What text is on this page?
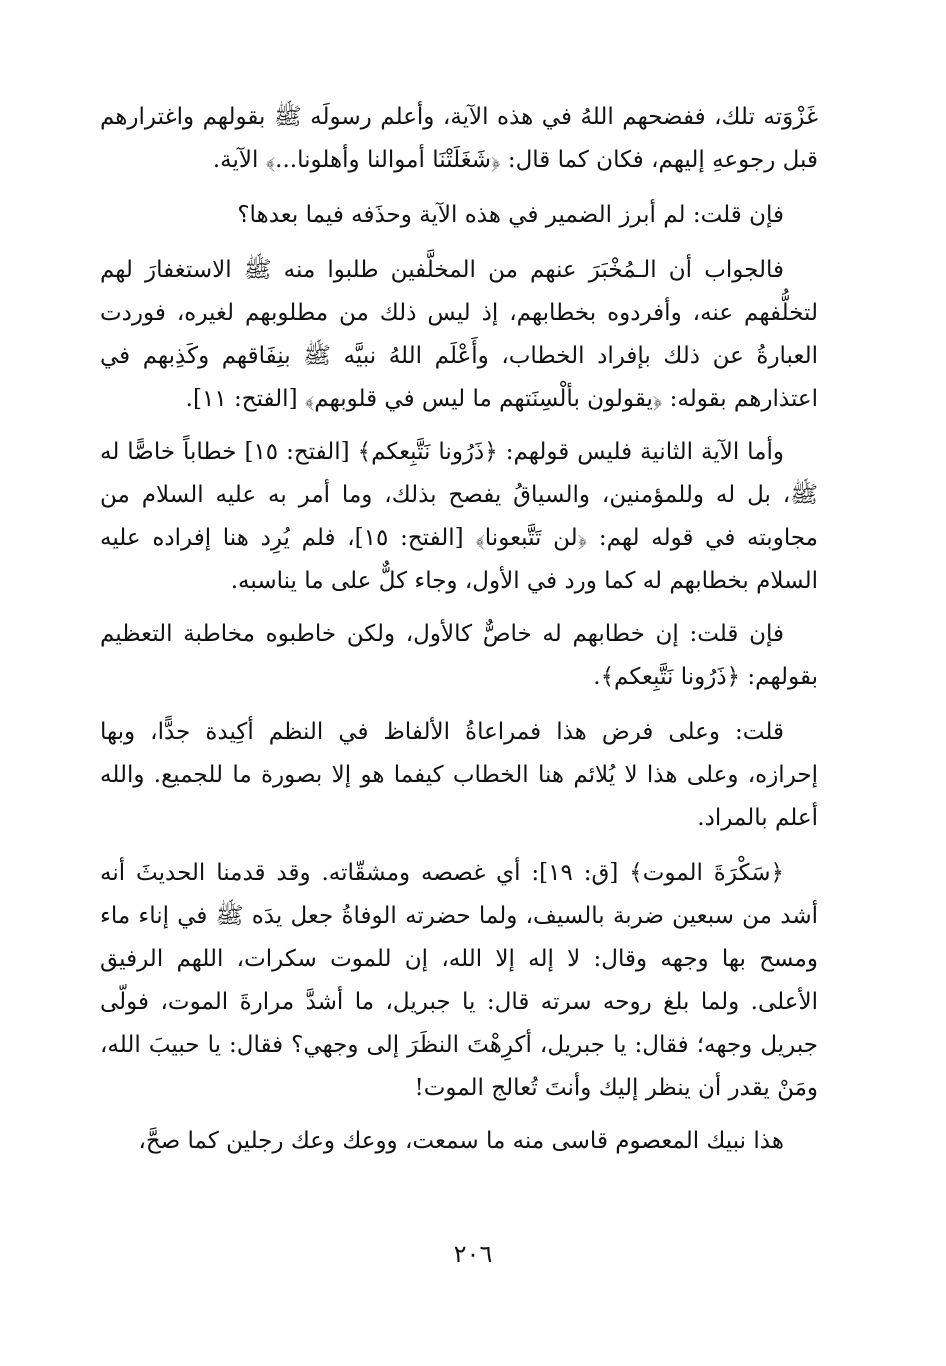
غَزْوَته تلك، ففضحهم اللهُ في هذه الآية، وأعلم رسولَه ﷺ بقولهم واغترارهم قبل رجوعهِ إليهم، فكان كما قال: ﴿شَغَلَتْنَا أموالنا وأهلونا...﴾ الآية.

فإن قلت: لم أبرز الضمير في هذه الآية وحذَفه فيما بعدها؟

فالجواب أن الـمُخْبَرَ عنهم من المخلَّفين طلبوا منه ﷺ الاستغفارَ لهم لتخلُّفهم عنه، وأفردوه بخطابهم، إذ ليس ذلك من مطلوبهم لغيره، فوردت العبارةُ عن ذلك بإفراد الخطاب، وأَعْلَم اللهُ نبيَّه ﷺ بنِفَاقهم وكَذِبهم في اعتذارهم بقوله: ﴿يقولون بألْسِنَتهم ما ليس في قلوبهم﴾ [الفتح: ١١].

وأما الآية الثانية فليس قولهم: ﴿ذَرُونا نَتَّبِعكم﴾ [الفتح: ١٥] خطاباً خاصًّا له ﷺ، بل له وللمؤمنين، والسياقُ يفصح بذلك، وما أمر به عليه السلام من مجاوبته في قوله لهم: ﴿لن تَتَّبعونا﴾ [الفتح: ١٥]، فلم يُرِد هنا إفراده عليه السلام بخطابهم له كما ورد في الأول، وجاء كلٌّ على ما يناسبه.

فإن قلت: إن خطابهم له خاصٌّ كالأول، ولكن خاطبوه مخاطبة التعظيم بقولهم: ﴿ذَرُونا نَتَّبِعكم﴾.

قلت: وعلى فرض هذا فمراعاةُ الألفاظ في النظم أكِيدة جدًّا، وبها إحرازه، وعلى هذا لا يُلائم هنا الخطاب كيفما هو إلا بصورة ما للجميع. والله أعلم بالمراد.

﴿سَكْرَةَ الموت﴾ [ق: ١٩]: أي غصصه ومشقّاته. وقد قدمنا الحديثَ أنه أشد من سبعين ضربة بالسيف، ولما حضرته الوفاةُ جعل يدَه ﷺ في إناء ماء ومسح بها وجهه وقال: لا إله إلا الله، إن للموت سكرات، اللهم الرفيق الأعلى. ولما بلغ روحه سرته قال: يا جبريل، ما أشدَّ مرارةَ الموت، فولّى جبريل وجهه؛ فقال: يا جبريل، أكرِهْتَ النظَرَ إلى وجهي؟ فقال: يا حبيبَ الله، ومَنْ يقدر أن ينظر إليك وأنتَ تُعالج الموت!

هذا نبيك المعصوم قاسى منه ما سمعت، ووعك وعك رجلين كما صحَّ،

٢٠٦
